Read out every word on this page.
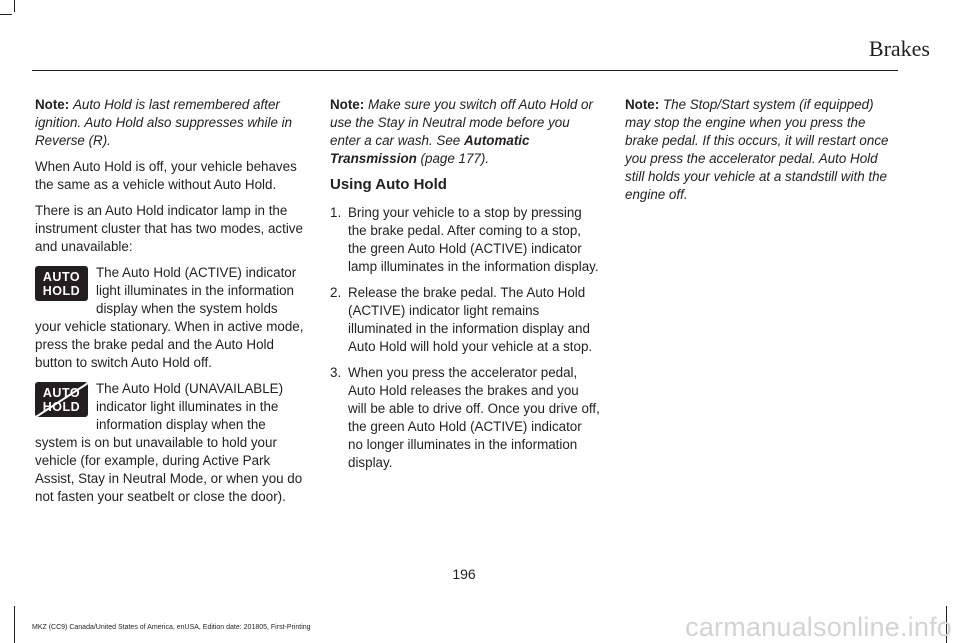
Brakes

Note: Auto Hold is last remembered after ignition. Auto Hold also suppresses while in Reverse (R).

When Auto Hold is off, your vehicle behaves the same as a vehicle without Auto Hold.

There is an Auto Hold indicator lamp in the instrument cluster that has two modes, active and unavailable:

AUTO
HOLD
The Auto Hold (ACTIVE) indicator light illuminates in the information display when the system holds your vehicle stationary. When in active mode, press the brake pedal and the Auto Hold button to switch Auto Hold off.
AUTO
HOLD
The Auto Hold (UNAVAILABLE) indicator light illuminates in the information display when the system is on but unavailable to hold your vehicle (for example, during Active Park Assist, Stay in Neutral Mode, or when you do not fasten your seatbelt or close the door).

Note: Make sure you switch off Auto Hold or use the Stay in Neutral mode before you enter a car wash. See Automatic Transmission (page 177).

Using Auto Hold
1. Bring your vehicle to a stop by pressing the brake pedal. After coming to a stop, the green Auto Hold (ACTIVE) indicator lamp illuminates in the information display.
2. Release the brake pedal. The Auto Hold (ACTIVE) indicator light remains illuminated in the information display and Auto Hold will hold your vehicle at a stop.
3. When you press the accelerator pedal, Auto Hold releases the brakes and you will be able to drive off. Once you drive off, the green Auto Hold (ACTIVE) indicator no longer illuminates in the information display.

Note: The Stop/Start system (if equipped) may stop the engine when you press the brake pedal. If this occurs, it will restart once you press the accelerator pedal. Auto Hold still holds your vehicle at a standstill with the engine off.

196
MKZ (CC9) Canada/United States of America, enUSA, Edition date: 201805, First-Printing	carmanualsonline.info
